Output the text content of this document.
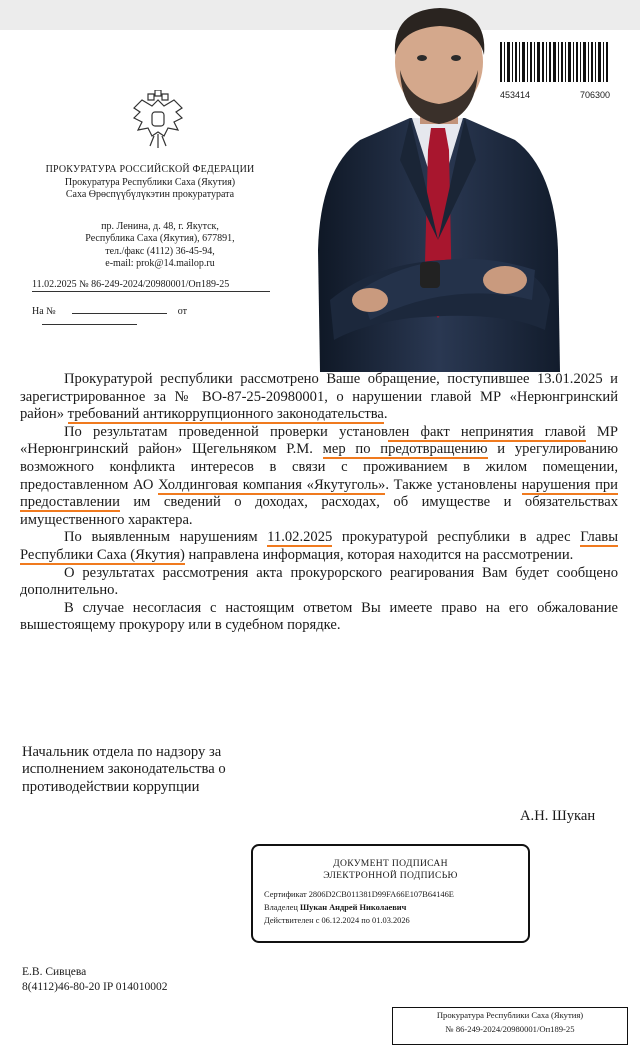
ПРОКУРАТУРА РОССИЙСКОЙ ФЕДЕРАЦИИ
Прокуратура Республики Саха (Якутия)
Саха Өрөспүүбүлүкэтин прокуратурата
пр. Ленина, д. 48, г. Якутск,
Республика Саха (Якутия), 677891,
тел./факс (4112) 36-45-94,
e-mail: prok@14.mailop.ru
11.02.2025 № 86-249-2024/20980001/Оп189-25
На №	от
453414	706300

Прокуратурой республики рассмотрено Ваше обращение, поступившее 13.01.2025 и зарегистрированное за № ВО-87-25-20980001, о нарушении главой МР «Нерюнгринский район» требований антикоррупционного законодательства.

По результатам проведенной проверки установлен факт непринятия главой МР «Нерюнгринский район» Щегельняком Р.М. мер по предотвращению и урегулированию возможного конфликта интересов в связи с проживанием в жилом помещении, предоставленном АО Холдинговая компания «Якутуголь». Также установлены нарушения при предоставлении им сведений о доходах, расходах, об имуществе и обязательствах имущественного характера.

По выявленным нарушениям 11.02.2025 прокуратурой республики в адрес Главы Республики Саха (Якутия) направлена информация, которая находится на рассмотрении.

О результатах рассмотрения акта прокурорского реагирования Вам будет сообщено дополнительно.

В случае несогласия с настоящим ответом Вы имеете право на его обжалование вышестоящему прокурору или в судебном порядке.

Начальник отдела по надзору за
исполнением законодательства о
противодействии коррупции
А.Н. Шукан
ДОКУМЕНТ ПОДПИСАН
ЭЛЕКТРОННОЙ ПОДПИСЬЮ
Сертификат 2806D2CB011381D99FA66E107B64146E
Владелец Шукан Андрей Николаевич
Действителен с 06.12.2024 по 01.03.2026
Е.В. Сивцева
8(4112)46-80-20 IP 014010002
Прокуратура Республики Саха (Якутия)
№ 86-249-2024/20980001/Оп189-25
